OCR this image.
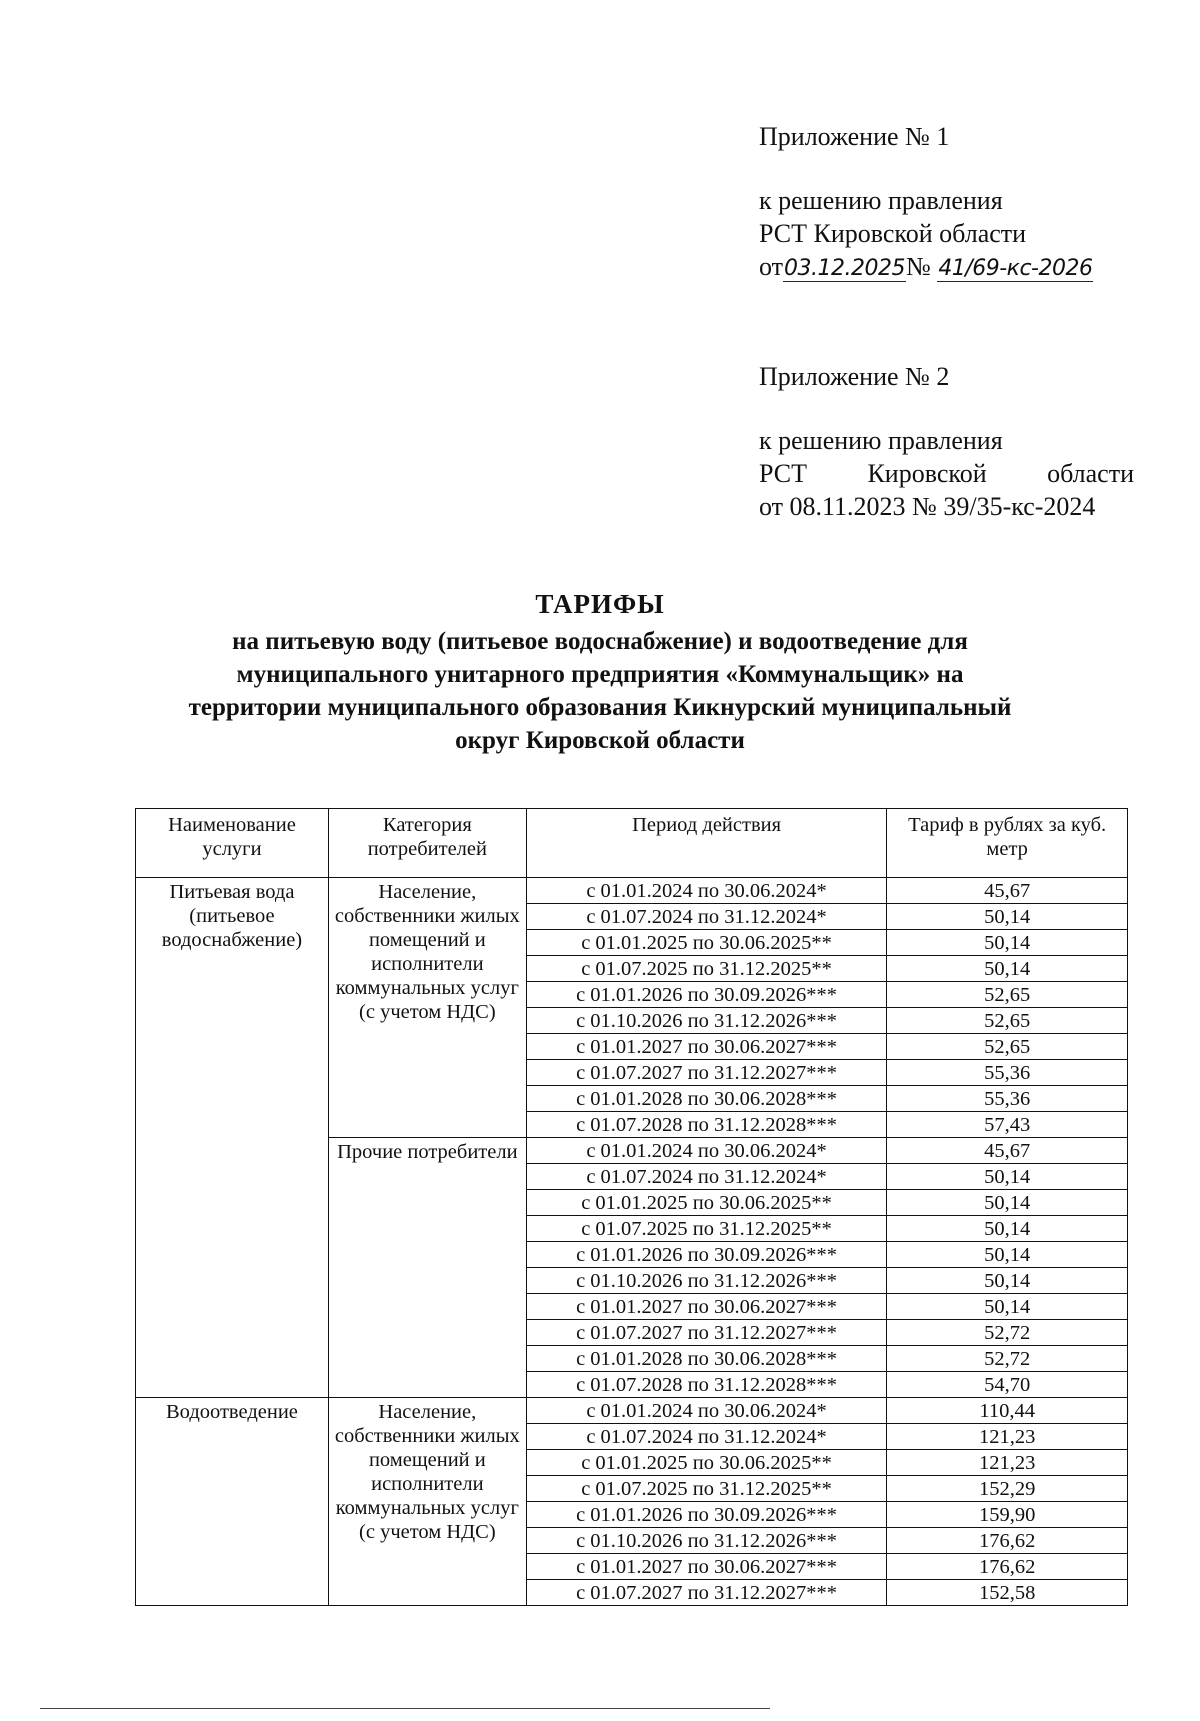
Приложение № 1
к решению правления
РСТ Кировской области
от03.12.2025№ 41/69-кс-2026
Приложение № 2
к решению правления
РСТ Кировской области
от 08.11.2023 № 39/35-кс-2024
ТАРИФЫ
на питьевую воду (питьевое водоснабжение) и водоотведение для
муниципального унитарного предприятия «Коммунальщик» на
территории муниципального образования Кикнурский муниципальный
округ Кировской области
Наименование услуги	Категория потребителей	Период действия	Тариф в рублях за куб. метр
Питьевая вода (питьевое водоснабжение)	Население, собственники жилых помещений и исполнители коммунальных услуг (с учетом НДС)	с 01.01.2024 по 30.06.2024*	45,67
		с 01.07.2024 по 31.12.2024*	50,14
		с 01.01.2025 по 30.06.2025**	50,14
		с 01.07.2025 по 31.12.2025**	50,14
		с 01.01.2026 по 30.09.2026***	52,65
		с 01.10.2026 по 31.12.2026***	52,65
		с 01.01.2027 по 30.06.2027***	52,65
		с 01.07.2027 по 31.12.2027***	55,36
		с 01.01.2028 по 30.06.2028***	55,36
		с 01.07.2028 по 31.12.2028***	57,43
	Прочие потребители	с 01.01.2024 по 30.06.2024*	45,67
		с 01.07.2024 по 31.12.2024*	50,14
		с 01.01.2025 по 30.06.2025**	50,14
		с 01.07.2025 по 31.12.2025**	50,14
		с 01.01.2026 по 30.09.2026***	50,14
		с 01.10.2026 по 31.12.2026***	50,14
		с 01.01.2027 по 30.06.2027***	50,14
		с 01.07.2027 по 31.12.2027***	52,72
		с 01.01.2028 по 30.06.2028***	52,72
		с 01.07.2028 по 31.12.2028***	54,70
Водоотведение	Население, собственники жилых помещений и исполнители коммунальных услуг (с учетом НДС)	с 01.01.2024 по 30.06.2024*	110,44
		с 01.07.2024 по 31.12.2024*	121,23
		с 01.01.2025 по 30.06.2025**	121,23
		с 01.07.2025 по 31.12.2025**	152,29
		с 01.01.2026 по 30.09.2026***	159,90
		с 01.10.2026 по 31.12.2026***	176,62
		с 01.01.2027 по 30.06.2027***	176,62
		с 01.07.2027 по 31.12.2027***	152,58
